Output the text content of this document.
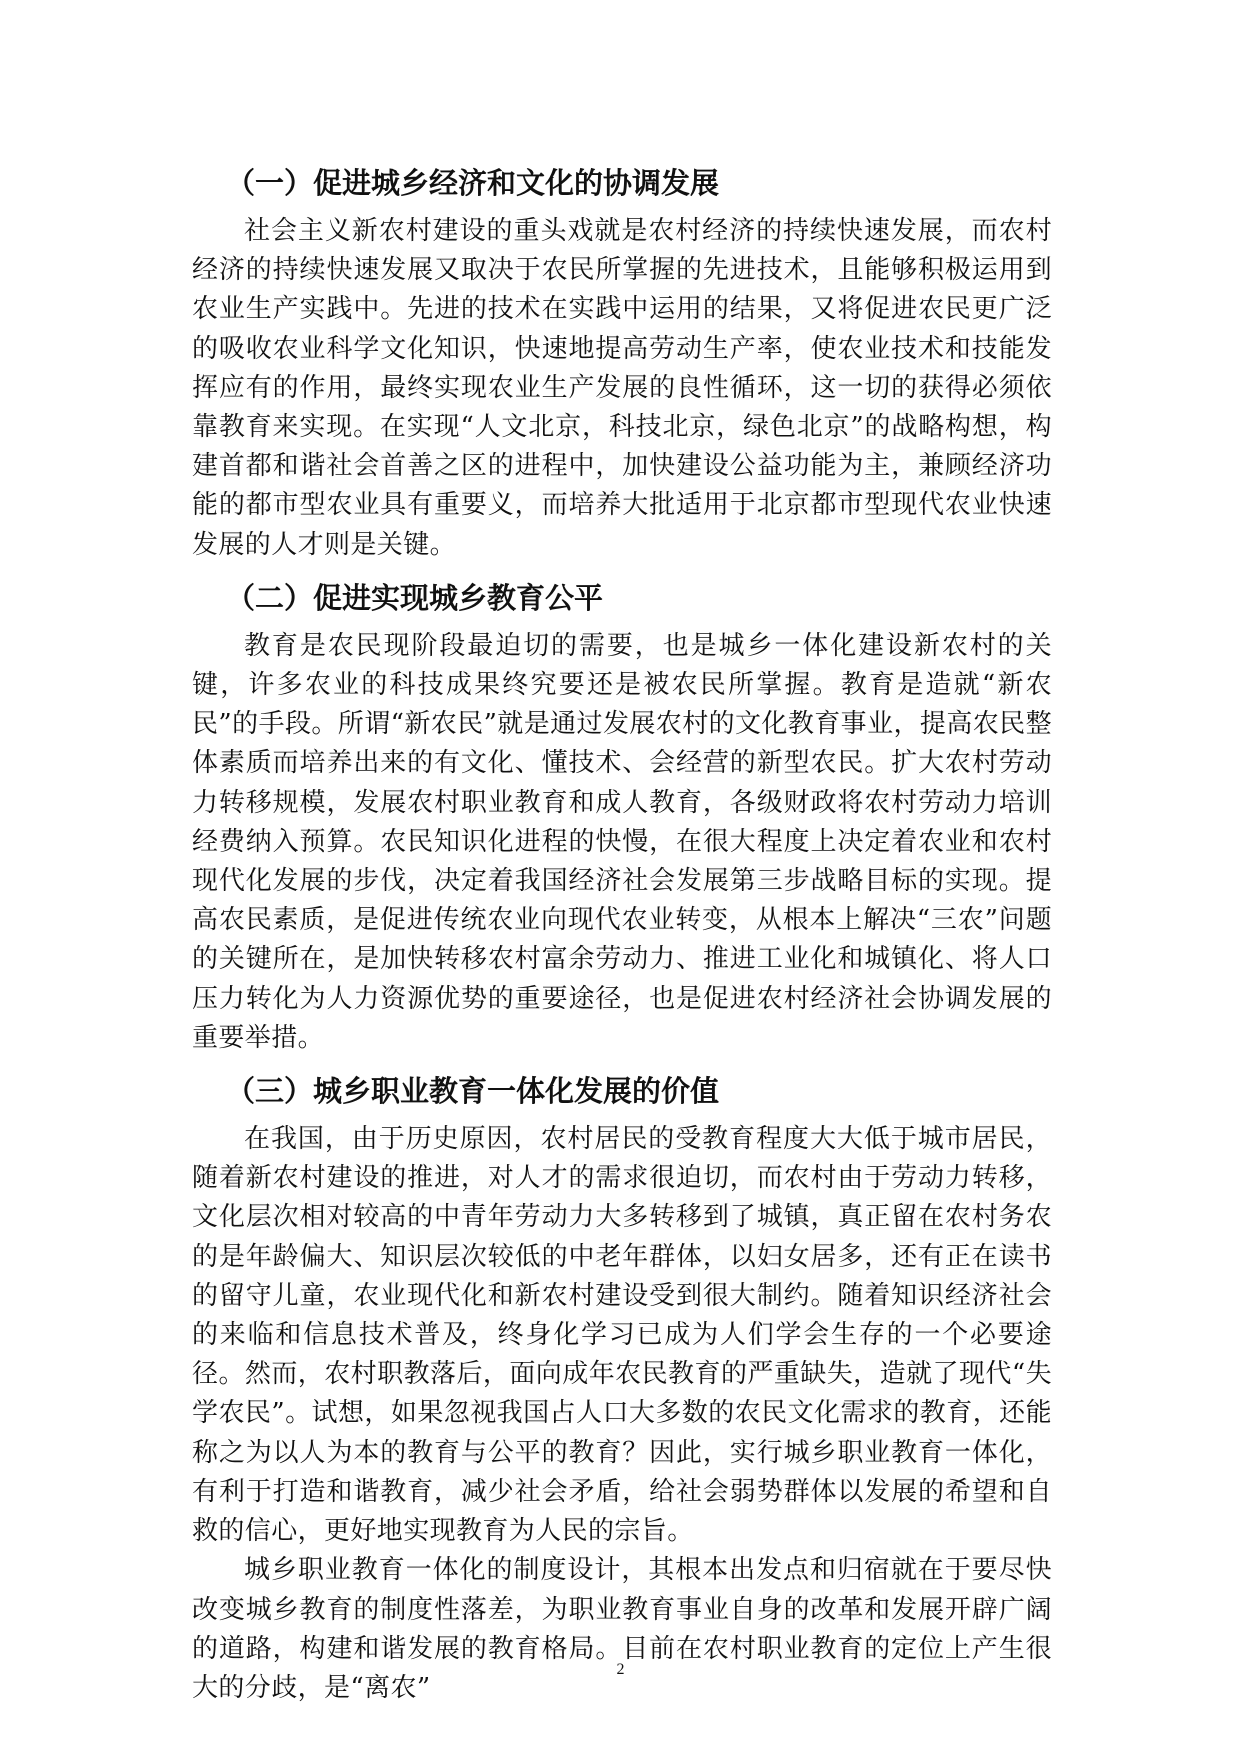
（一）促进城乡经济和文化的协调发展

社会主义新农村建设的重头戏就是农村经济的持续快速发展，而农村经济的持续快速发展又取决于农民所掌握的先进技术，且能够积极运用到农业生产实践中。先进的技术在实践中运用的结果，又将促进农民更广泛的吸收农业科学文化知识，快速地提高劳动生产率，使农业技术和技能发挥应有的作用，最终实现农业生产发展的良性循环，这一切的获得必须依靠教育来实现。在实现“人文北京，科技北京，绿色北京”的战略构想，构建首都和谐社会首善之区的进程中，加快建设公益功能为主，兼顾经济功能的都市型农业具有重要义，而培养大批适用于北京都市型现代农业快速发展的人才则是关键。

（二）促进实现城乡教育公平

教育是农民现阶段最迫切的需要，也是城乡一体化建设新农村的关键，许多农业的科技成果终究要还是被农民所掌握。教育是造就“新农民”的手段。所谓“新农民”就是通过发展农村的文化教育事业，提高农民整体素质而培养出来的有文化、懂技术、会经营的新型农民。扩大农村劳动力转移规模，发展农村职业教育和成人教育，各级财政将农村劳动力培训经费纳入预算。农民知识化进程的快慢，在很大程度上决定着农业和农村现代化发展的步伐，决定着我国经济社会发展第三步战略目标的实现。提高农民素质，是促进传统农业向现代农业转变，从根本上解决“三农”问题的关键所在，是加快转移农村富余劳动力、推进工业化和城镇化、将人口压力转化为人力资源优势的重要途径，也是促进农村经济社会协调发展的重要举措。

（三）城乡职业教育一体化发展的价值

在我国，由于历史原因，农村居民的受教育程度大大低于城市居民，随着新农村建设的推进，对人才的需求很迫切，而农村由于劳动力转移，文化层次相对较高的中青年劳动力大多转移到了城镇，真正留在农村务农的是年龄偏大、知识层次较低的中老年群体，以妇女居多，还有正在读书的留守儿童，农业现代化和新农村建设受到很大制约。随着知识经济社会的来临和信息技术普及，终身化学习已成为人们学会生存的一个必要途径。然而，农村职教落后，面向成年农民教育的严重缺失，造就了现代“失学农民”。试想，如果忽视我国占人口大多数的农民文化需求的教育，还能称之为以人为本的教育与公平的教育？因此，实行城乡职业教育一体化，有利于打造和谐教育，减少社会矛盾，给社会弱势群体以发展的希望和自救的信心，更好地实现教育为人民的宗旨。

城乡职业教育一体化的制度设计，其根本出发点和归宿就在于要尽快改变城乡教育的制度性落差，为职业教育事业自身的改革和发展开辟广阔的道路，构建和谐发展的教育格局。目前在农村职业教育的定位上产生很大的分歧，是“离农”

2
